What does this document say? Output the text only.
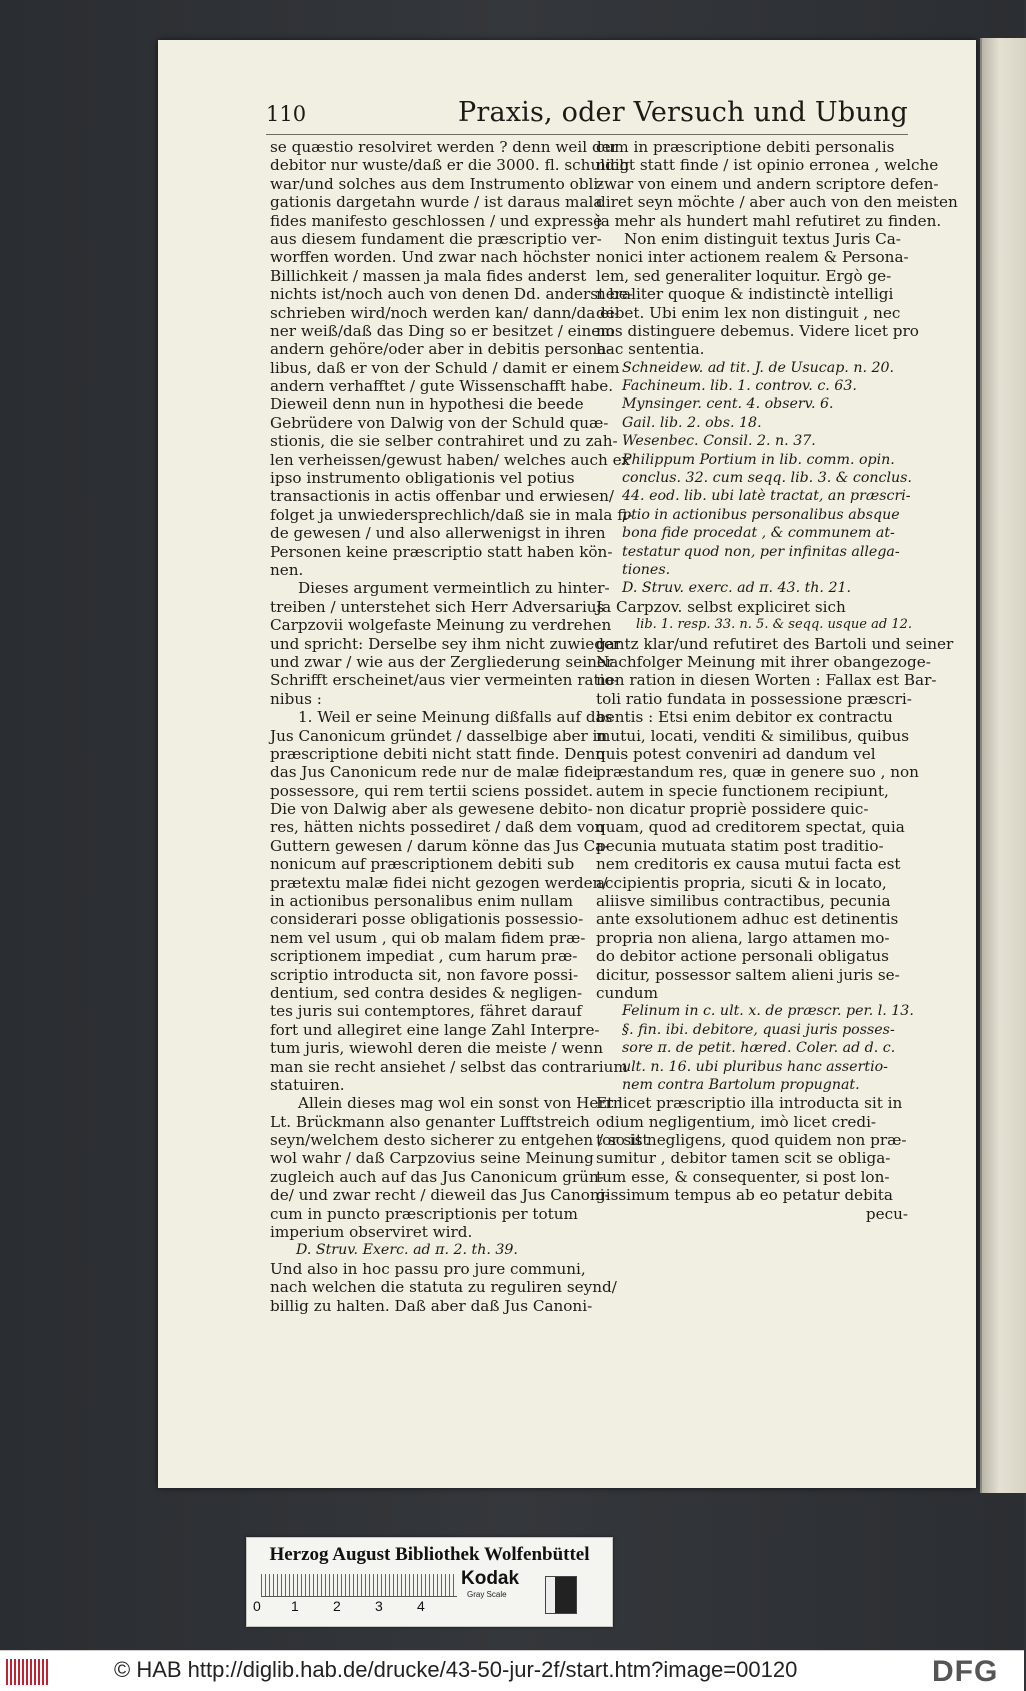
110	Praxis, oder Versuch und Ubung
se quæstio resolviret werden ? denn weil der
debitor nur wuste/daß er die 3000. fl. schuldig
war/und solches aus dem Instrumento obli-
gationis dargetahn wurde / ist daraus mala
fides manifesto geschlossen / und expressè
aus diesem fundament die præscriptio ver-
worffen worden. Und zwar nach höchster
Billichkeit / massen ja mala fides anderst
nichts ist/noch auch von denen Dd. anderst be-
schrieben wird/noch werden kan/ dann/da ei-
ner weiß/daß das Ding so er besitzet / einem
andern gehöre/oder aber in debitis persona-
libus, daß er von der Schuld / damit er einem
andern verhafftet / gute Wissenschafft habe.
Dieweil denn nun in hypothesi die beede
Gebrüdere von Dalwig von der Schuld quæ-
stionis, die sie selber contrahiret und zu zah-
len verheissen/gewust haben/ welches auch ex
ipso instrumento obligationis vel potius
transactionis in actis offenbar und erwiesen/
folget ja unwiedersprechlich/daß sie in mala fi-
de gewesen / und also allerwenigst in ihren
Personen keine præscriptio statt haben kön-
nen.
Dieses argument vermeintlich zu hinter-
treiben / unterstehet sich Herr Adversarius
Carpzovii wolgefaste Meinung zu verdrehen
und spricht: Derselbe sey ihm nicht zuwieder
und zwar / wie aus der Zergliederung seiner
Schrifft erscheinet/aus vier vermeinten ratio-
nibus :
1. Weil er seine Meinung dißfalls auf das
Jus Canonicum gründet / dasselbige aber in
præscriptione debiti nicht statt finde. Denn
das Jus Canonicum rede nur de malæ fidei
possessore, qui rem tertii sciens possidet.
Die von Dalwig aber als gewesene debito-
res, hätten nichts possediret / daß dem von
Guttern gewesen / darum könne das Jus Ca-
nonicum auf præscriptionem debiti sub
prætextu malæ fidei nicht gezogen werden/
in actionibus personalibus enim nullam
considerari posse obligationis possessio-
nem vel usum , qui ob malam fidem præ-
scriptionem impediat , cum harum præ-
scriptio introducta sit, non favore possi-
dentium, sed contra desides & negligen-
tes juris sui contemptores, fähret darauf
fort und allegiret eine lange Zahl Interpre-
tum juris, wiewohl deren die meiste / wenn
man sie recht ansiehet / selbst das contrarium
statuiren.
Allein dieses mag wol ein sonst von Herrn
Lt. Brückmann also genanter Lufftstreich
seyn/welchem desto sicherer zu entgehen / so ist
wol wahr / daß Carpzovius seine Meinung
zugleich auch auf das Jus Canonicum grün-
de/ und zwar recht / dieweil das Jus Canoni-
cum in puncto præscriptionis per totum
imperium observiret wird.
D. Struv. Exerc. ad π. 2. th. 39.
Und also in hoc passu pro jure communi,
nach welchen die statuta zu reguliren seynd/
billig zu halten. Daß aber daß Jus Canoni-
cum in præscriptione debiti personalis
nicht statt finde / ist opinio erronea , welche
zwar von einem und andern scriptore defen-
diret seyn möchte / aber auch von den meisten
ja mehr als hundert mahl refutiret zu finden.
Non enim distinguit textus Juris Ca-
nonici inter actionem realem & Persona-
lem, sed generaliter loquitur. Ergò ge-
neraliter quoque & indistinctè intelligi
debet. Ubi enim lex non distinguit , nec
nos distinguere debemus. Videre licet pro
hac sententia.
Schneidew. ad tit. J. de Usucap. n. 20.
Fachineum. lib. 1. controv. c. 63.
Mynsinger. cent. 4. observ. 6.
Gail. lib. 2. obs. 18.
Wesenbec. Consil. 2. n. 37.
Philippum Portium in lib. comm. opin.
conclus. 32. cum seqq. lib. 3. & conclus.
44. eod. lib. ubi latè tractat, an præscri-
ptio in actionibus personalibus absque
bona fide procedat , & communem at-
testatur quod non, per infinitas allega-
tiones.
D. Struv. exerc. ad π. 43. th. 21.
Ja Carpzov. selbst expliciret sich
lib. 1. resp. 33. n. 5. & seqq. usque ad 12.
gantz klar/und refutiret des Bartoli und seiner
Nachfolger Meinung mit ihrer obangezoge-
nen ration in diesen Worten : Fallax est Bar-
toli ratio fundata in possessione præscri-
bentis : Etsi enim debitor ex contractu
mutui, locati, venditi & similibus, quibus
quis potest conveniri ad dandum vel
præstandum res, quæ in genere suo , non
autem in specie functionem recipiunt,
non dicatur propriè possidere quic-
quam, quod ad creditorem spectat, quia
pecunia mutuata statim post traditio-
nem creditoris ex causa mutui facta est
accipientis propria, sicuti & in locato,
aliisve similibus contractibus, pecunia
ante exsolutionem adhuc est detinentis
propria non aliena, largo attamen mo-
do debitor actione personali obligatus
dicitur, possessor saltem alieni juris se-
cundum
Felinum in c. ult. x. de præscr. per. l. 13.
§. fin. ibi. debitore, quasi juris posses-
sore π. de petit. hæred. Coler. ad d. c.
ult. n. 16. ubi pluribus hanc assertio-
nem contra Bartolum propugnat.
Et licet præscriptio illa introducta sit in
odium negligentium, imò licet credi-
tor sit negligens, quod quidem non præ-
sumitur , debitor tamen scit se obliga-
tum esse, & consequenter, si post lon-
gissimum tempus ab eo petatur debita
pecu-
Herzog August Bibliothek Wolfenbüttel
0 1 2 3 4
Kodak
Gray Scale
© HAB http://diglib.hab.de/drucke/43-50-jur-2f/start.htm?image=00120	DFG
